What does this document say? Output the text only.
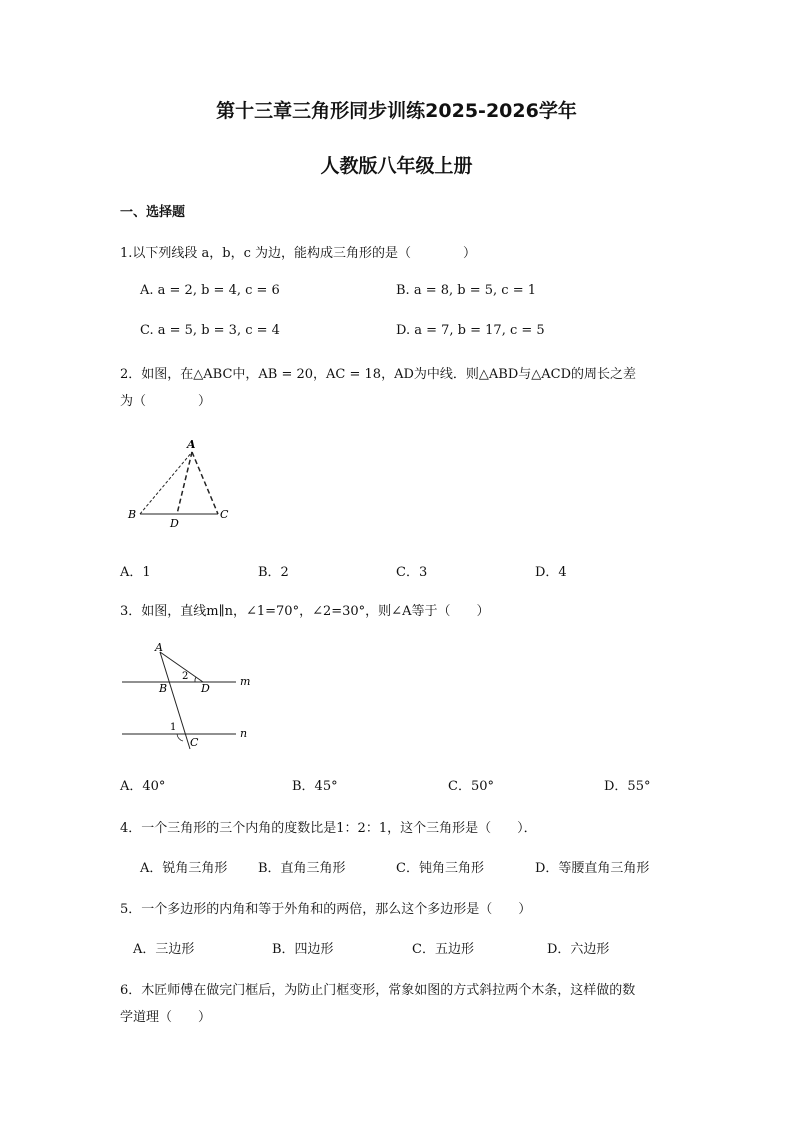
第十三章三角形同步训练2025-2026学年
人教版八年级上册
一、选择题
1.以下列线段 a，b，c 为边，能构成三角形的是（　　　　）
A. a = 2, b = 4, c = 6	B. a = 8, b = 5, c = 1
C. a = 5, b = 3, c = 4	D. a = 7, b = 17, c = 5
2．如图，在△ABC中，AB = 20，AC = 18，AD为中线．则△ABD与△ACD的周长之差
为（　　　　）
A
B	C
D
A．1	B．2	C．3	D．4
3．如图，直线m∥n，∠1=70°，∠2=30°，则∠A等于（　　）
A
B	D
C
m
n
2
1
A．40°	B．45°	C．50°	D．55°
4．一个三角形的三个内角的度数比是1：2：1，这个三角形是（　　）．
A．锐角三角形 B．直角三角形	C．钝角三角形	D．等腰直角三角形
5．一个多边形的内角和等于外角和的两倍，那么这个多边形是（　　）
A．三边形	B．四边形	C．五边形	D．六边形
6．木匠师傅在做完门框后，为防止门框变形，常象如图的方式斜拉两个木条，这样做的数
学道理（　　）
